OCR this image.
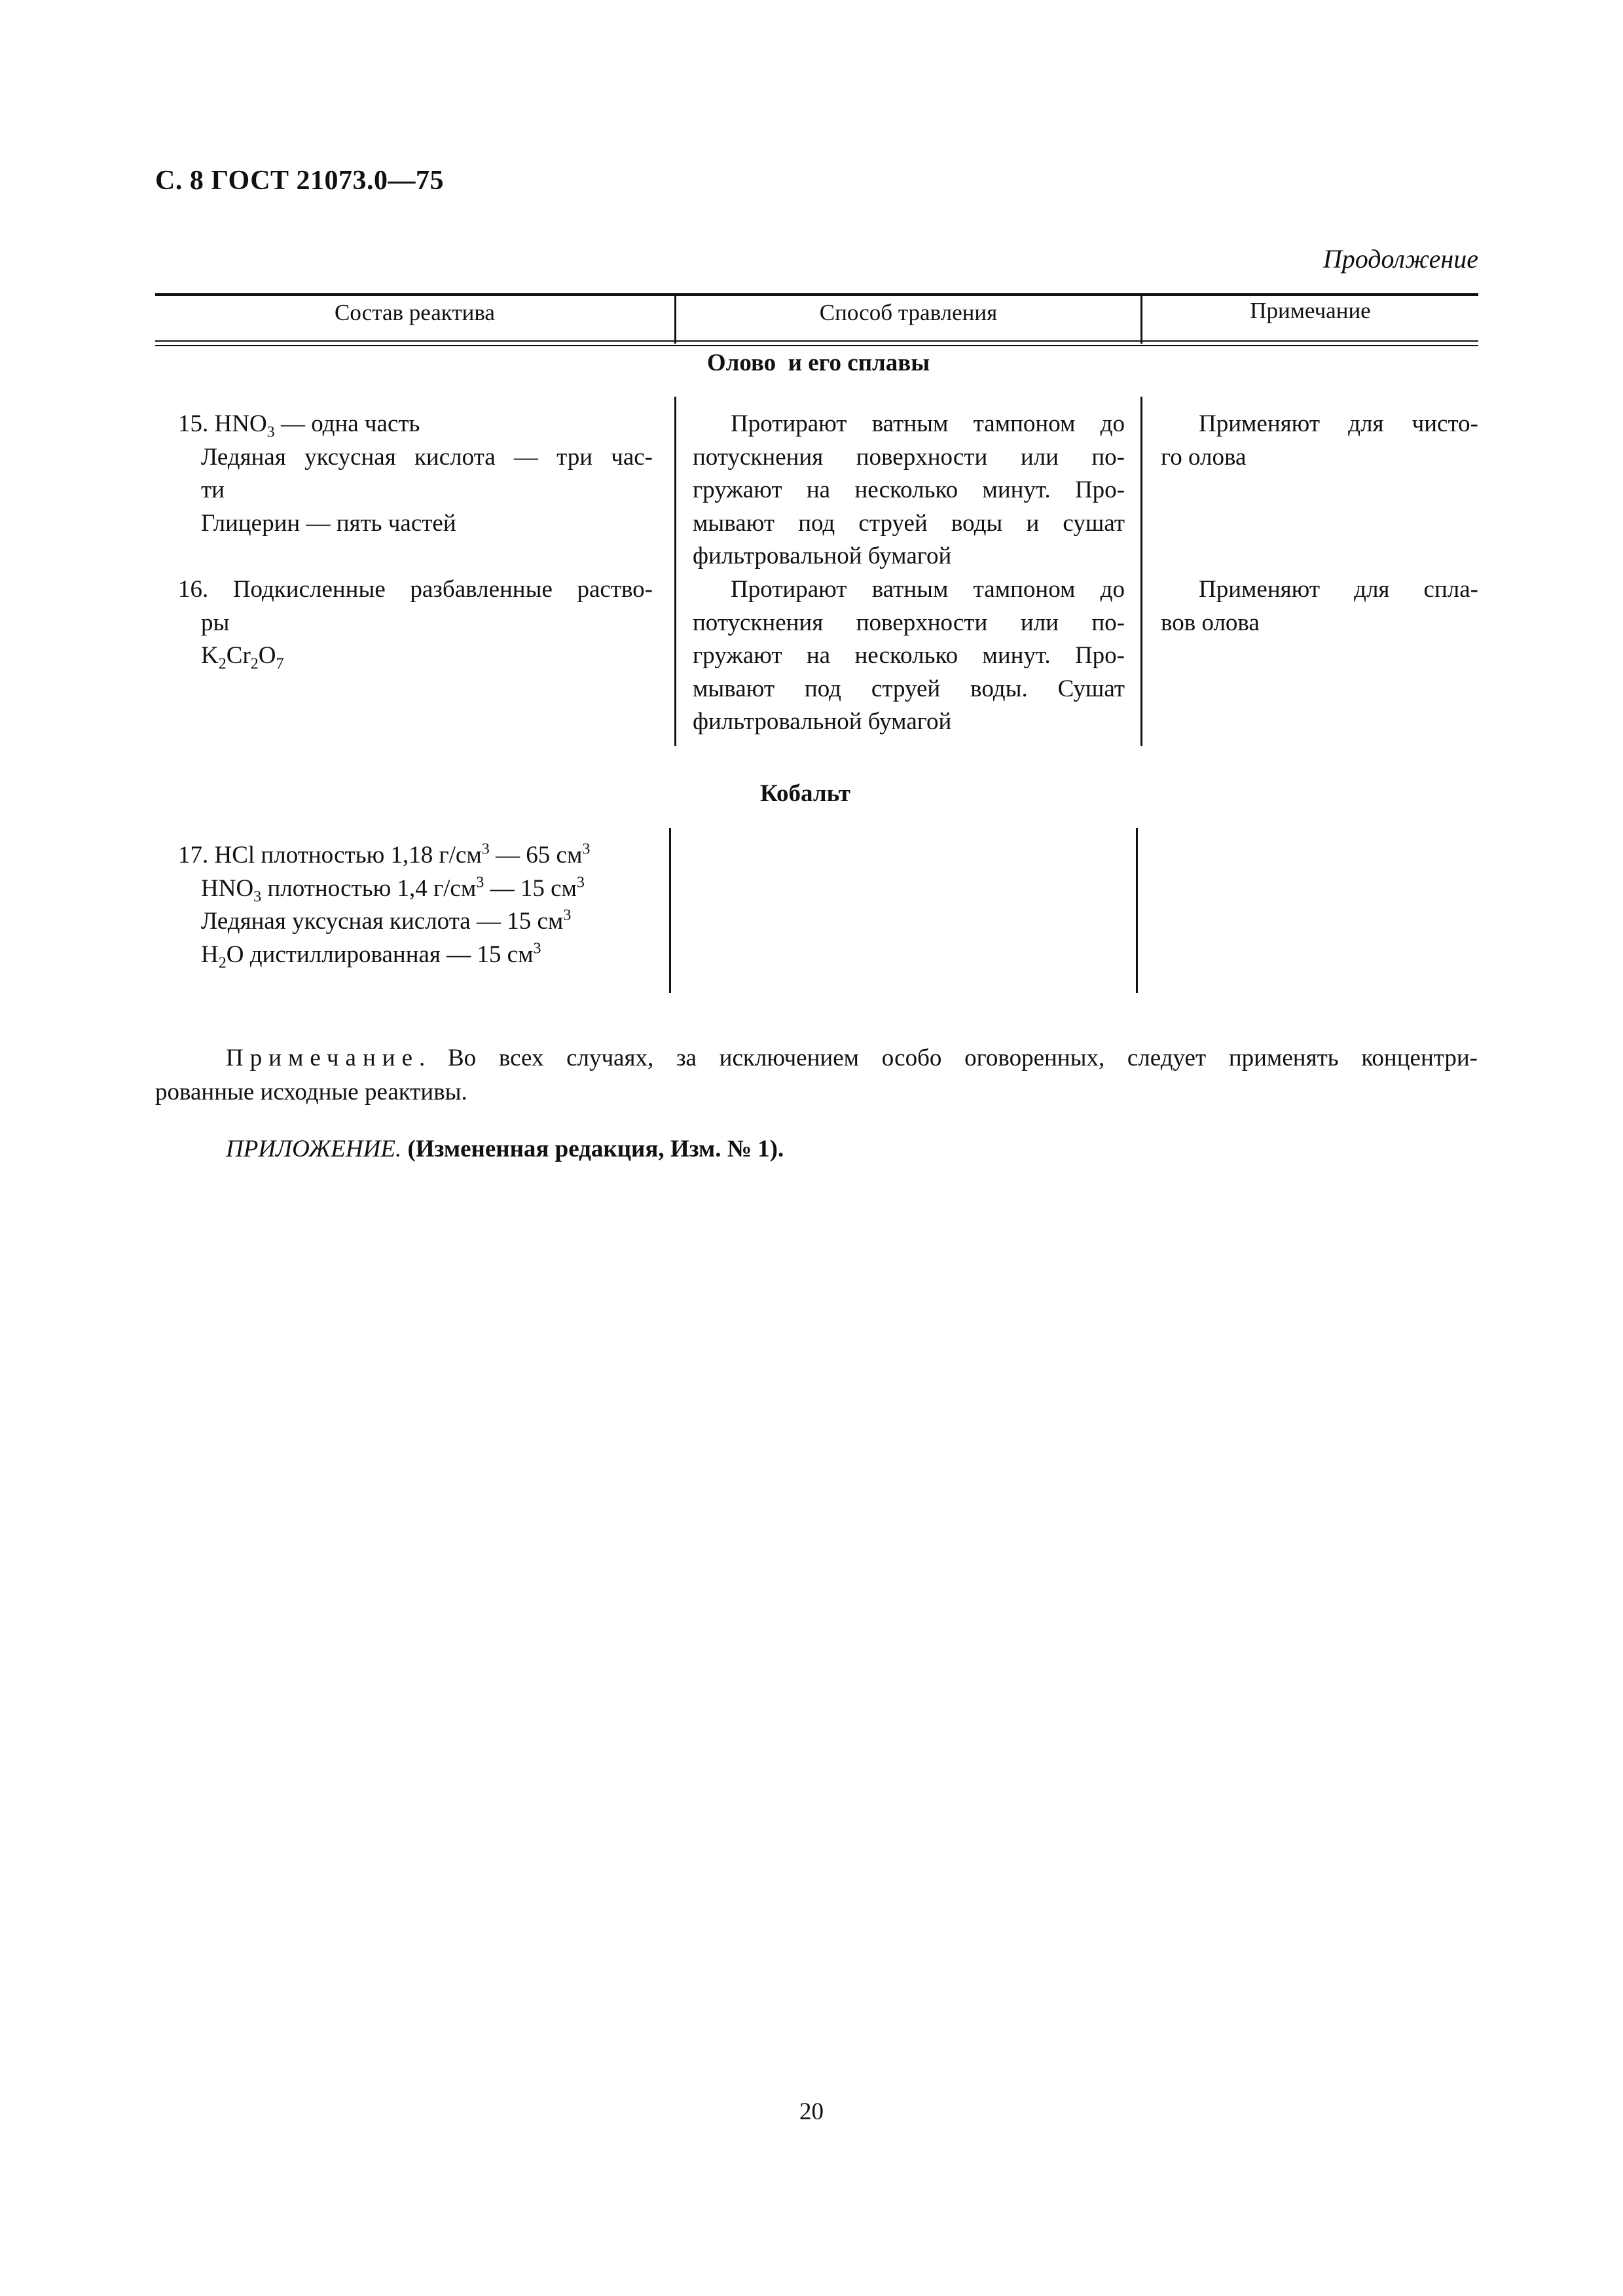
С. 8 ГОСТ 21073.0—75
Продолжение
Состав реактива	Способ травления	Примечание
Олово  и его сплавы

15. $HNO_3$ — одна часть

Ледяная уксусная кислота — три час-

ти

Глицерин — пять частей

Протирают ватным тампоном до

потускнения поверхности или по-

гружают на несколько минут. Про-

мывают под струей воды и сушат

фильтровальной бумагой

Применяют для чисто-

го олова

16. Подкисленные разбавленные раство-

ры

$K_2Cr_2O_7$

Протирают ватным тампоном до

потускнения поверхности или по-

гружают на несколько минут. Про-

мывают под струей воды. Сушат

фильтровальной бумагой

Применяют для спла-

вов олова

Кобальт

17. HCl плотностью 1,18 $г/см^3$ — 65 $см^3$

$HNO_3$ плотностью 1,4 $г/см^3$ — 15 $см^3$

Ледяная уксусная кислота — 15 $см^3$

$H_2O$ дистиллированная — 15 $см^3$

Примечание. Во всех случаях, за исключением особо оговоренных, следует применять концентри-
рованные исходные реактивы.
ПРИЛОЖЕНИЕ. (Измененная редакция, Изм. № 1).
20
